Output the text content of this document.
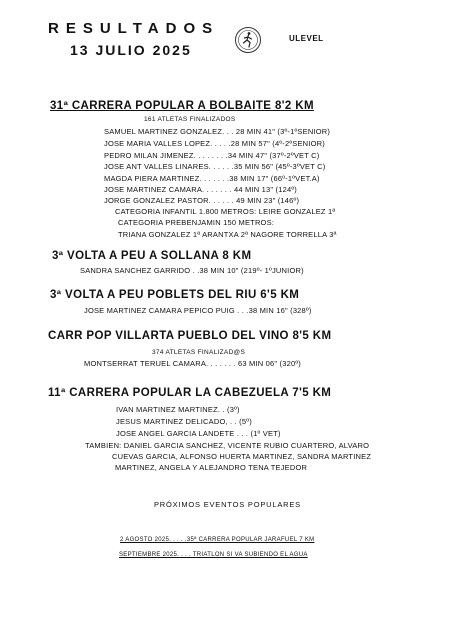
RESULTADOS
13 JULIO 2025
ULEVEL
31ª CARRERA POPULAR A BOLBAITE 8'2 KM
161 ATLETAS FINALIZADOS
SAMUEL MARTINEZ GONZALEZ. . . 28 MIN 41" (3º-1ºSENIOR)
JOSE MARIA VALLES LOPEZ. . . . .28 MIN 57" (4º-2ºSENIOR)
PEDRO MILAN JIMENEZ. . . . . . . .34 MIN 47" (37º-2ºVET C)
JOSE ANT VALLES LINARES. . . . . .35 MIN 56" (45º-3ºVET C)
MAGDA PIERA MARTINEZ. . . . . . .38 MIN 17" (66º-1ºVET.A)
JOSE MARTINEZ CAMARA. . . . . . . 44 MIN 13" (124º)
JORGE GONZALEZ PASTOR. . . . . . 49 MIN 23" (146º)
CATEGORIA INFANTIL 1.800 METROS: LEIRE GONZALEZ 1ª
CATEGORIA PREBENJAMIN 150 METROS:
TRIANA GONZALEZ 1ª ARANTXA 2ª NAGORE TORRELLA 3ª
3ª VOLTA A PEU A SOLLANA 8 KM
SANDRA SANCHEZ GARRIDO . .38 MIN 10" (219º- 1ºJUNIOR)
3ª VOLTA A PEU POBLETS DEL RIU 6'5 KM
JOSE MARTINEZ CAMARA PEPICO PUIG . . .38 MIN 16" (328º)
CARR POP VILLARTA PUEBLO DEL VINO 8'5 KM
374 ATLETAS FINALIZAD@S
MONTSERRAT TERUEL CAMARA. . . . . . . 63 MIN 06" (320º)
11ª CARRERA POPULAR LA CABEZUELA 7'5 KM
IVAN MARTINEZ MARTINEZ. . (3º)
JESUS MARTINEZ DELICADO, . . (5º)
JOSE ANGEL GARCIA LANDETE . . . (1º VET)
TAMBIEN: DANIEL GARCIA SANCHEZ, VICENTE RUBIO CUARTERO, ALVARO
CUEVAS GARCIA, ALFONSO HUERTA MARTINEZ, SANDRA MARTINEZ
MARTINEZ, ANGELA Y ALEJANDRO TENA TEJEDOR
PRÓXIMOS EVENTOS POPULARES
2 AGOSTO 2025. . . . .35ª CARRERA POPULAR JARAFUEL 7 KM
SEPTIEMBRE 2025. . . . TRIATLON SI VA SUBIENDO EL AGUA
